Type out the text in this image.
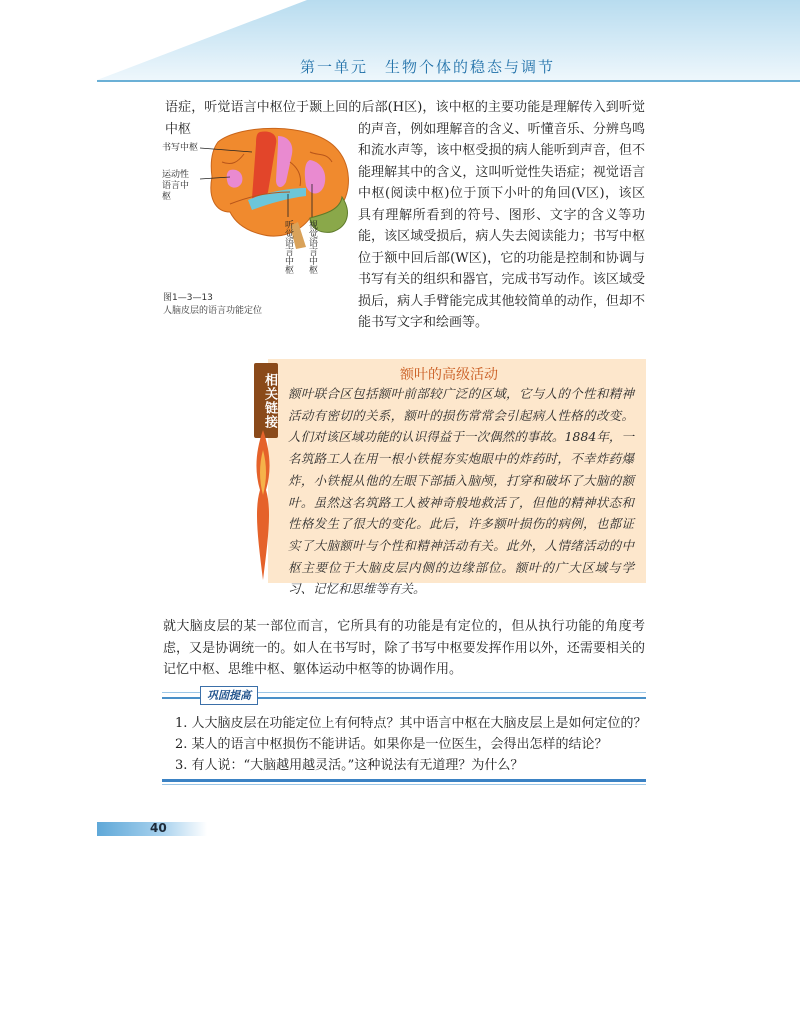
第一单元　生物个体的稳态与调节
语症，听觉语言中枢位于颞上回的后部(H区)，该中枢的主要功能是理解传入到听觉中枢
书写中枢
运动性语言中枢
听觉语言中枢 视觉语言中枢
图1—3—13
人脑皮层的语言功能定位
的声音，例如理解音的含义、听懂音乐、分辨鸟鸣和流水声等，该中枢受损的病人能听到声音，但不能理解其中的含义，这叫听觉性失语症；视觉语言中枢(阅读中枢)位于顶下小叶的角回(V区)，该区具有理解所看到的符号、图形、文字的含义等功能，该区域受损后，病人失去阅读能力；书写中枢位于额中回后部(W区)，它的功能是控制和协调与书写有关的组织和器官，完成书写动作。该区域受损后，病人手臂能完成其他较简单的动作，但却不能书写文字和绘画等。
相关链接	额叶的高级活动
额叶联合区包括额叶前部较广泛的区域，它与人的个性和精神活动有密切的关系，额叶的损伤常常会引起病人性格的改变。人们对该区域功能的认识得益于一次偶然的事故。1884年，一名筑路工人在用一根小铁棍夯实炮眼中的炸药时，不幸炸药爆炸，小铁棍从他的左眼下部插入脑颅，打穿和破坏了大脑的额叶。虽然这名筑路工人被神奇般地救活了，但他的精神状态和性格发生了很大的变化。此后，许多额叶损伤的病例，也都证实了大脑额叶与个性和精神活动有关。此外，人情绪活动的中枢主要位于大脑皮层内侧的边缘部位。额叶的广大区域与学习、记忆和思维等有关。
就大脑皮层的某一部位而言，它所具有的功能是有定位的，但从执行功能的角度考虑，又是协调统一的。如人在书写时，除了书写中枢要发挥作用以外，还需要相关的记忆中枢、思维中枢、躯体运动中枢等的协调作用。
巩固提高
1. 人大脑皮层在功能定位上有何特点？其中语言中枢在大脑皮层上是如何定位的？
2. 某人的语言中枢损伤不能讲话。如果你是一位医生，会得出怎样的结论？
3. 有人说：“大脑越用越灵活。”这种说法有无道理？为什么？
40
